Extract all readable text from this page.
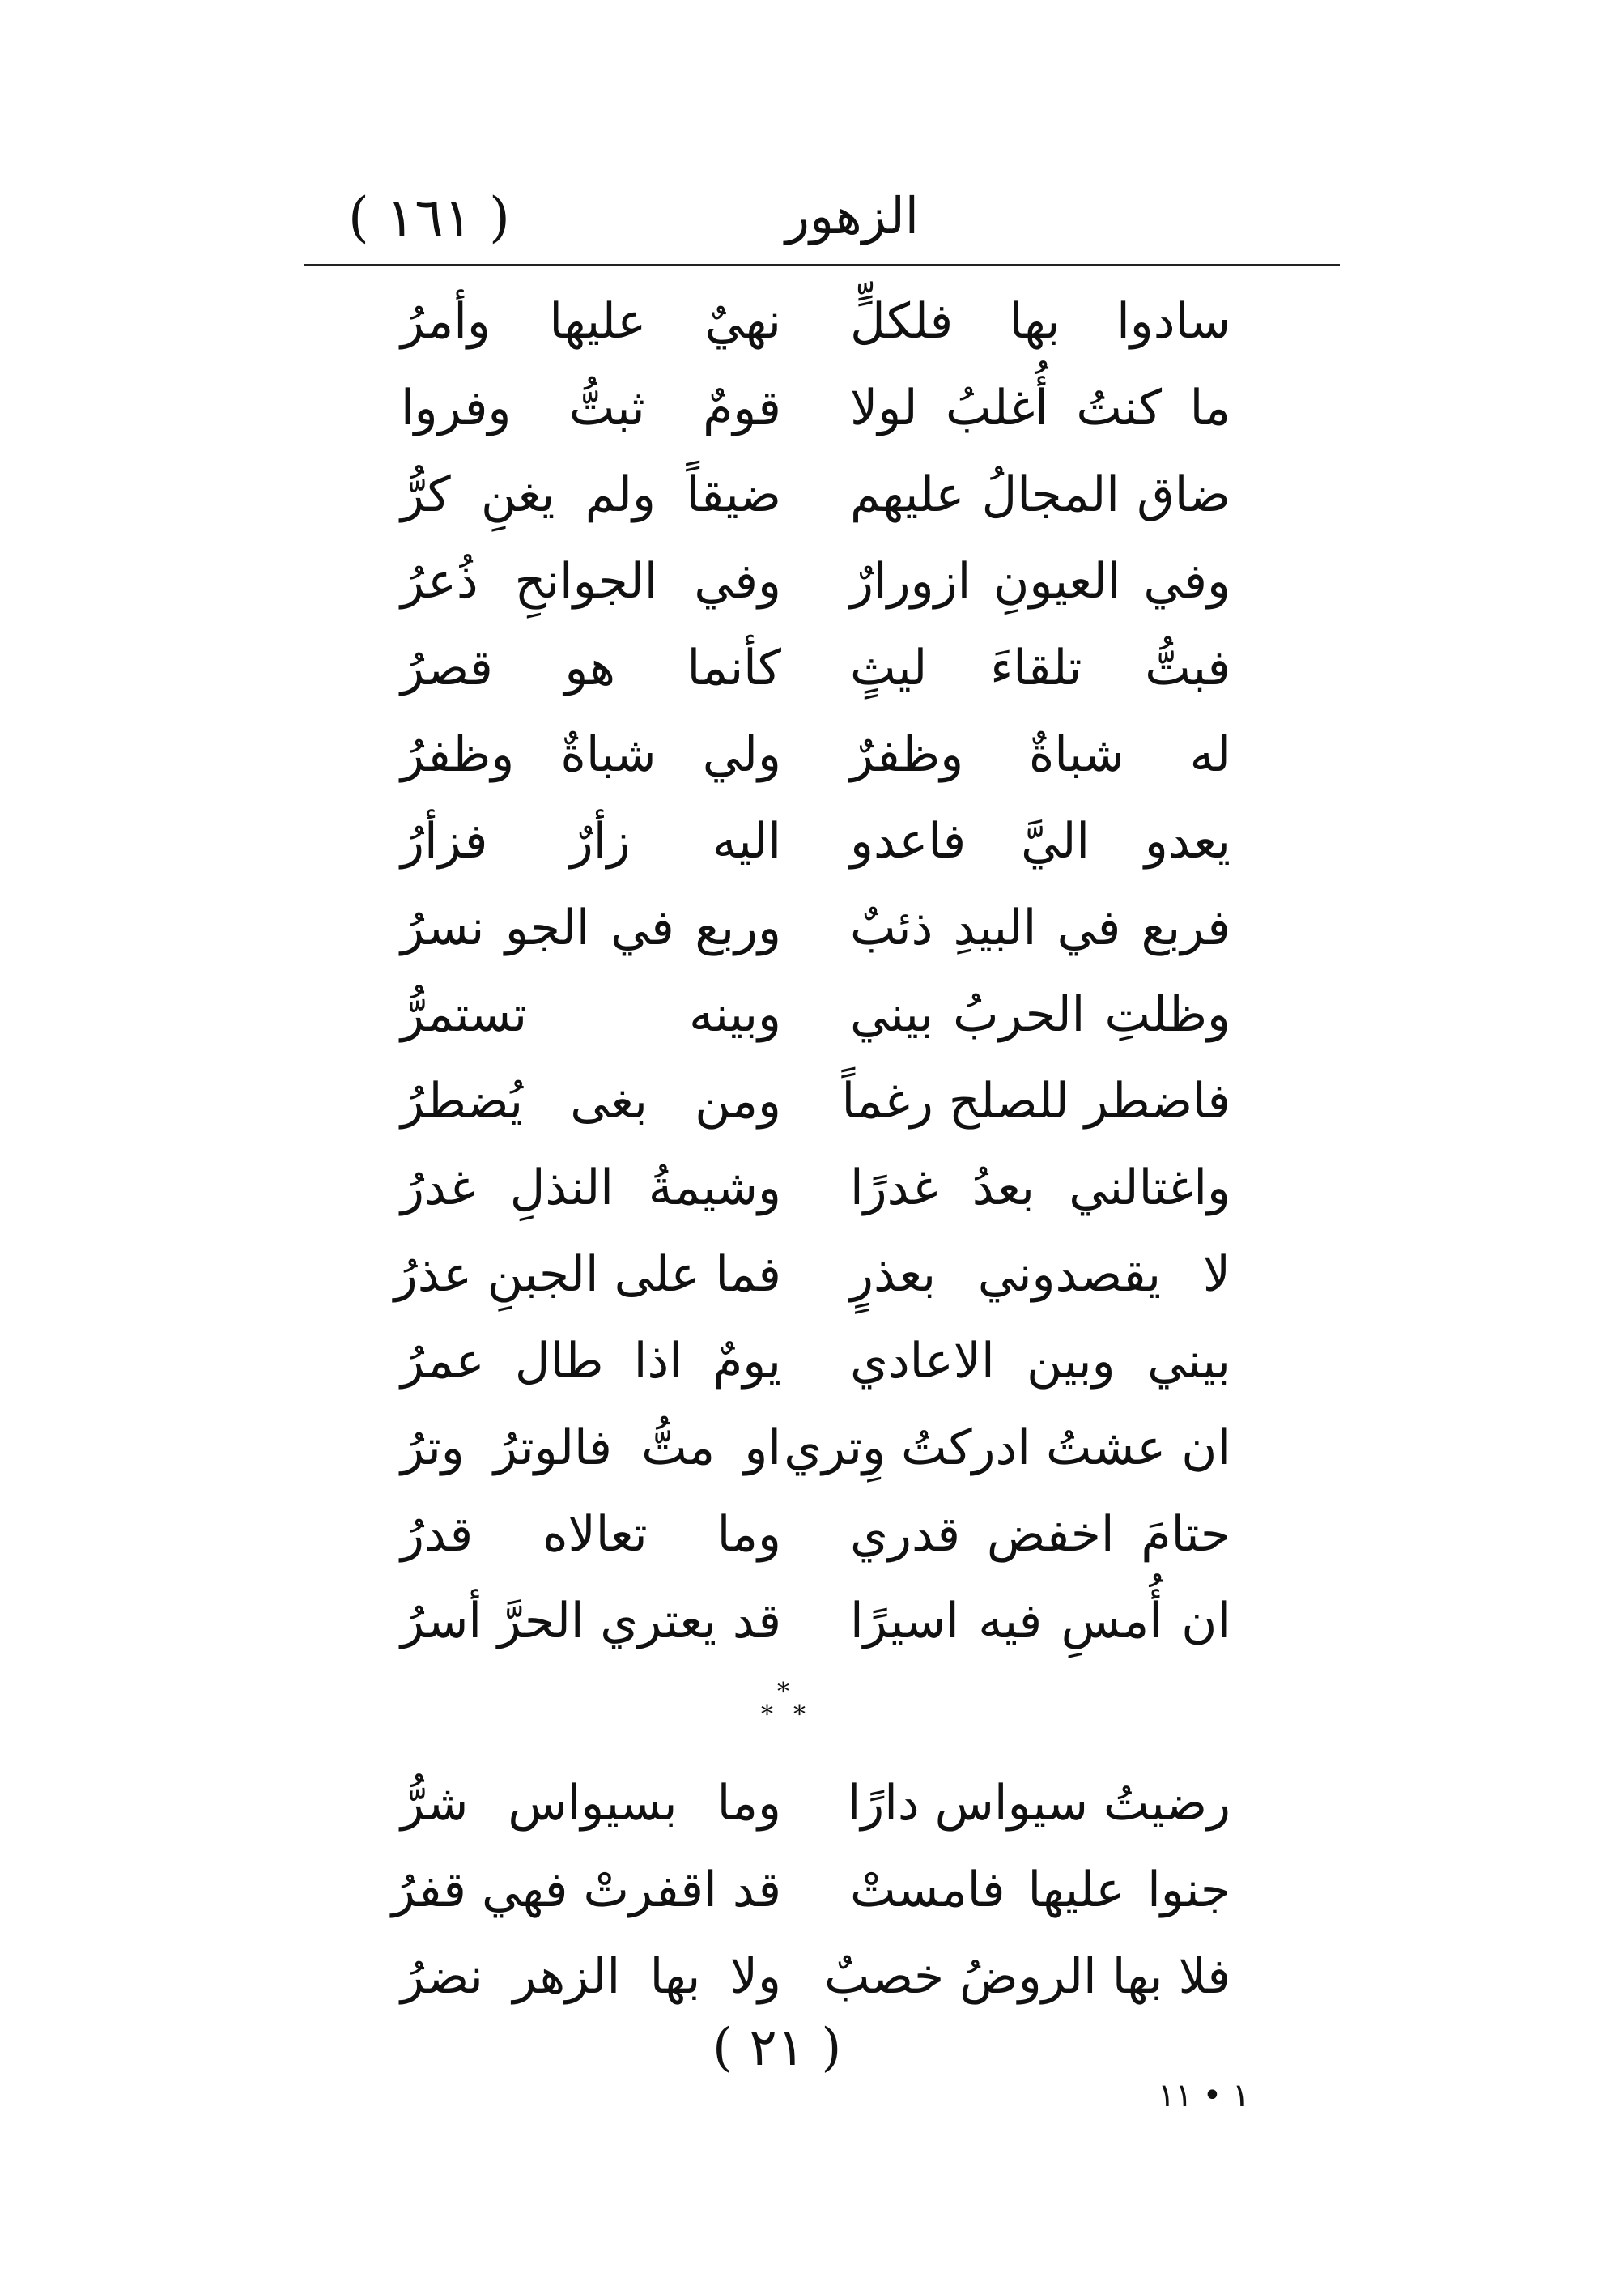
( ١٦١ )	الزهور
سادوا بها فلكلٍّ
نهيٌ عليها وأمرُ
ما كنتُ أُغلبُ لولا
قومٌ ثبتُّ وفروا
ضاق المجالُ عليهم
ضيقاً ولم يغنِ كرُّ
وفي العيونِ ازورارٌ
وفي الجوانحِ ذُعرُ
فبتُّ تلقاءَ ليثٍ
كأنما هو قصرُ
له شباةٌ وظفرٌ
ولي شباةٌ وظفرُ
يعدو اليَّ فاعدو
اليه زأرٌ فزأرُ
فربع في البيدِ ذئبٌ
وربع في الجو نسرُ
وظلتِ الحربُ بيني
وبينه تستمرُّ
فاضطر للصلح رغماً
ومن بغى يُضطرُ
واغتالني بعدُ غدرًا
وشيمةُ النذلِ غدرُ
لا يقصدوني بعذرٍ
فما على الجبنِ عذرُ
بيني وبين الاعادي
يومٌ اذا طال عمرُ
ان عشتُ ادركتُ وِتري
او متُّ فالوترُ وترُ
حتامَ اخفض قدري
وما تعالاه قدرُ
ان أُمسِ فيه اسيرًا
قد يعتري الحرَّ أسرُ
*
* *
رضيتُ سيواس دارًا
وما بسيواس شرُّ
جنوا عليها فامستْ
قد اقفرتْ فهي قفرُ
فلا بها الروضُ خصبٌ
ولا بها الزهر نضرُ
( ٢١ )
١ • ١١
